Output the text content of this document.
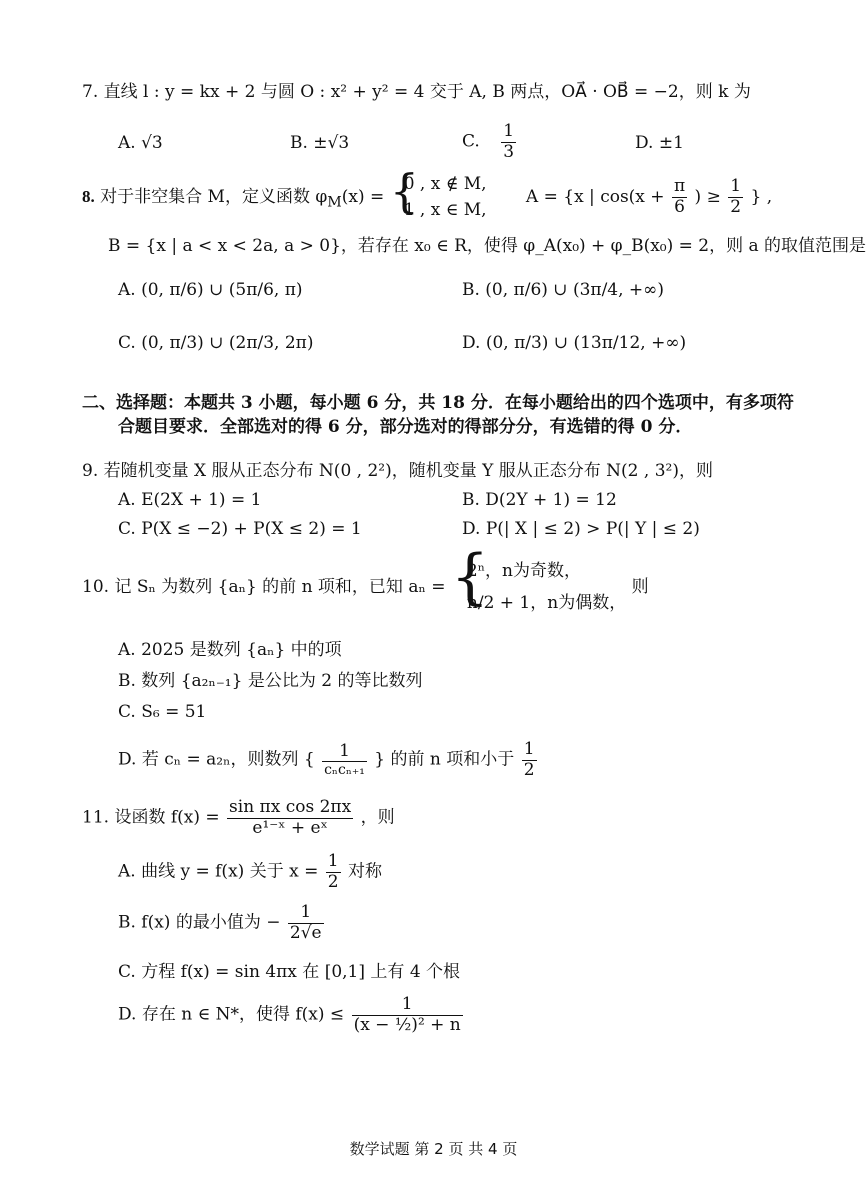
7. 直线 l : y = kx + 2 与圆 O : x² + y² = 4 交于 A, B 两点，OA⃗ · OB⃗ = −2，则 k 为
A. √3	B. ±√3	C. $\frac{1}{3}$	D. ±1
8. 对于非空集合 M，定义函数 $\varphi_M(x)$ = {
0 , x ∉ M,
1 , x ∈ M,
A = {x | $\cos(x + \frac{\pi}{6}$ ) ≥ $\frac{1}{2}$ } ,
B = {x | a < x < 2a, a > 0}，若存在 x₀ ∈ R，使得 φ_A(x₀) + φ_B(x₀) = 2，则 a 的取值范围是
A. (0, π/6) ∪ (5π/6, π)	B. (0, π/6) ∪ (3π/4, +∞)
C. (0, π/3) ∪ (2π/3, 2π)	D. (0, π/3) ∪ (13π/12, +∞)
二、选择题：本题共 3 小题，每小题 6 分，共 18 分．在每小题给出的四个选项中，有多项符
合题目要求．全部选对的得 6 分，部分选对的得部分分，有选错的得 0 分．
9. 若随机变量 X 服从正态分布 N(0 , 2²)，随机变量 Y 服从正态分布 N(2 , 3²)，则
A. E(2X + 1) = 1	B. D(2Y + 1) = 12
C. P(X ≤ −2) + P(X ≤ 2) = 1	D. P(| X | ≤ 2) > P(| Y | ≤ 2)
10. 记 Sₙ 为数列 {aₙ} 的前 n 项和，已知 aₙ = {
2ⁿ，n为奇数，
n/2 + 1，n为偶数，
则
A. 2025 是数列 {aₙ} 中的项
B. 数列 {a₂ₙ₋₁} 是公比为 2 的等比数列
C. S₆ = 51
D. 若 cₙ = a₂ₙ，则数列 { $\frac{1}{\text{cₙcₙ₊₁}}$ } 的前 n 项和小于 $\frac{1}{2}$
11. 设函数 $f(x) = \frac{\text{sin πx cos 2πx}}{\text{e¹⁻ˣ + eˣ}}$ ，则
A. 曲线 y = f(x) 关于 $x = \frac{1}{2}$ 对称
B. f(x) 的最小值为 − $\frac{1}{2√e}$
C. 方程 f(x) = sin 4πx 在 [0,1] 上有 4 个根
D. 存在 n ∈ N*，使得 $f(x) \le \frac{1}{\text{(x − ½)² + n}}$
数学试题 第 2 页 共 4 页
